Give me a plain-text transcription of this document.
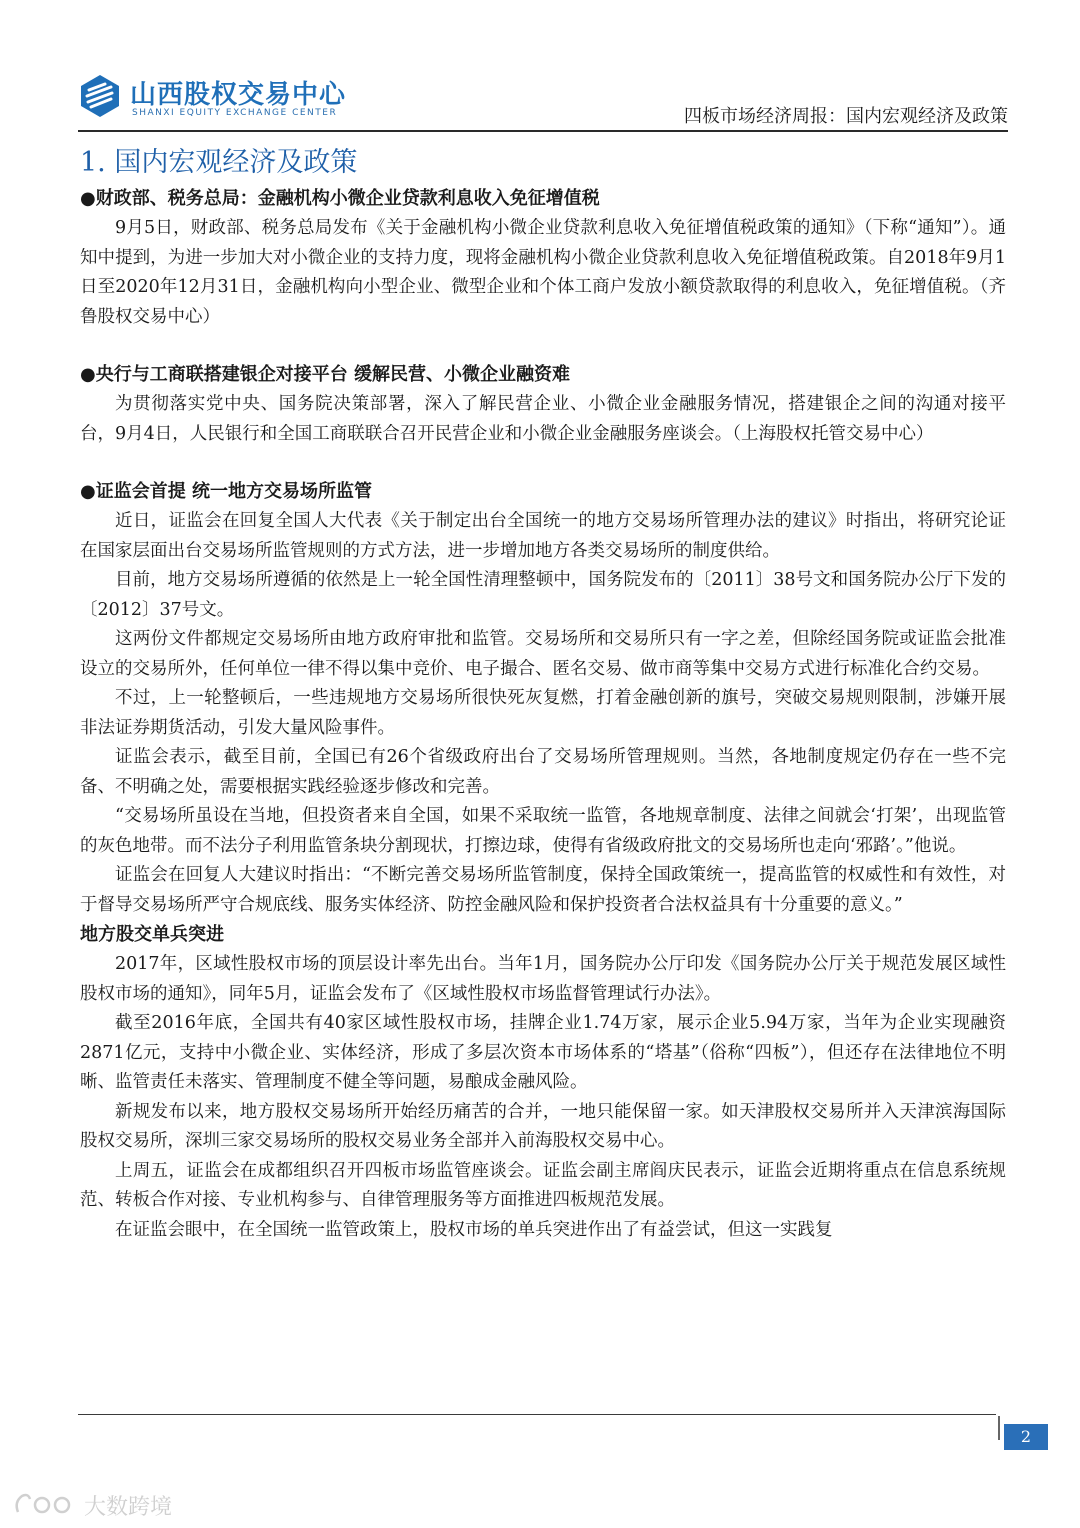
山西股权交易中心
SHANXI EQUITY EXCHANGE CENTER	四板市场经济周报：国内宏观经济及政策
1. 国内宏观经济及政策
●财政部、税务总局：金融机构小微企业贷款利息收入免征增值税

9月5日，财政部、税务总局发布《关于金融机构小微企业贷款利息收入免征增值税政策的通知》（下称“通知”）。通知中提到，为进一步加大对小微企业的支持力度，现将金融机构小微企业贷款利息收入免征增值税政策。自2018年9月1日至2020年12月31日，金融机构向小型企业、微型企业和个体工商户发放小额贷款取得的利息收入，免征增值税。（齐鲁股权交易中心）

●央行与工商联搭建银企对接平台 缓解民营、小微企业融资难

为贯彻落实党中央、国务院决策部署，深入了解民营企业、小微企业金融服务情况，搭建银企之间的沟通对接平台，9月4日，人民银行和全国工商联联合召开民营企业和小微企业金融服务座谈会。（上海股权托管交易中心）

●证监会首提 统一地方交易场所监管

近日，证监会在回复全国人大代表《关于制定出台全国统一的地方交易场所管理办法的建议》时指出，将研究论证在国家层面出台交易场所监管规则的方式方法，进一步增加地方各类交易场所的制度供给。

目前，地方交易场所遵循的依然是上一轮全国性清理整顿中，国务院发布的〔2011〕38号文和国务院办公厅下发的〔2012〕37号文。

这两份文件都规定交易场所由地方政府审批和监管。交易场所和交易所只有一字之差，但除经国务院或证监会批准设立的交易所外，任何单位一律不得以集中竞价、电子撮合、匿名交易、做市商等集中交易方式进行标准化合约交易。

不过，上一轮整顿后，一些违规地方交易场所很快死灰复燃，打着金融创新的旗号，突破交易规则限制，涉嫌开展非法证券期货活动，引发大量风险事件。

证监会表示，截至目前，全国已有26个省级政府出台了交易场所管理规则。当然，各地制度规定仍存在一些不完备、不明确之处，需要根据实践经验逐步修改和完善。

“交易场所虽设在当地，但投资者来自全国，如果不采取统一监管，各地规章制度、法律之间就会‘打架’，出现监管的灰色地带。而不法分子利用监管条块分割现状，打擦边球，使得有省级政府批文的交易场所也走向‘邪路’。”他说。

证监会在回复人大建议时指出：“不断完善交易场所监管制度，保持全国政策统一，提高监管的权威性和有效性，对于督导交易场所严守合规底线、服务实体经济、防控金融风险和保护投资者合法权益具有十分重要的意义。”

地方股交单兵突进

2017年，区域性股权市场的顶层设计率先出台。当年1月，国务院办公厅印发《国务院办公厅关于规范发展区域性股权市场的通知》，同年5月，证监会发布了《区域性股权市场监督管理试行办法》。

截至2016年底，全国共有40家区域性股权市场，挂牌企业1.74万家，展示企业5.94万家，当年为企业实现融资2871亿元，支持中小微企业、实体经济，形成了多层次资本市场体系的“塔基”（俗称“四板”），但还存在法律地位不明晰、监管责任未落实、管理制度不健全等问题，易酿成金融风险。

新规发布以来，地方股权交易场所开始经历痛苦的合并，一地只能保留一家。如天津股权交易所并入天津滨海国际股权交易所，深圳三家交易场所的股权交易业务全部并入前海股权交易中心。

上周五，证监会在成都组织召开四板市场监管座谈会。证监会副主席阎庆民表示，证监会近期将重点在信息系统规范、转板合作对接、专业机构参与、自律管理服务等方面推进四板规范发展。

在证监会眼中，在全国统一监管政策上，股权市场的单兵突进作出了有益尝试，但这一实践复

2
大数跨境
